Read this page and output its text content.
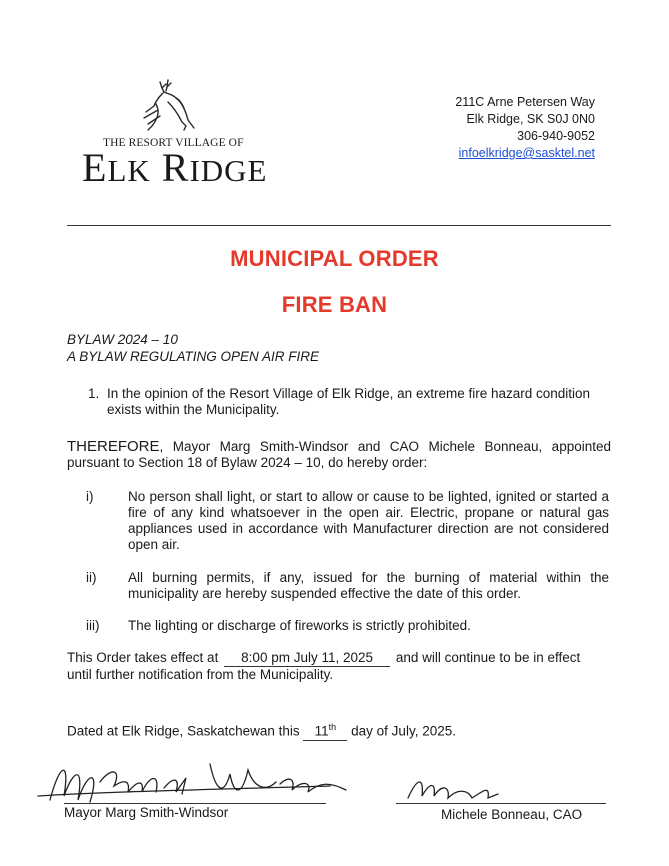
THE RESORT VILLAGE OF
ELK RIDGE
211C Arne Petersen Way
Elk Ridge, SK S0J 0N0
306-940-9052
infoelkridge@sasktel.net
MUNICIPAL ORDER
FIRE BAN
BYLAW 2024 – 10
A BYLAW REGULATING OPEN AIR FIRE
1. In the opinion of the Resort Village of Elk Ridge, an extreme fire hazard condition exists within the Municipality.
THEREFORE, Mayor Marg Smith-Windsor and CAO Michele Bonneau, appointed pursuant to Section 18 of Bylaw 2024 – 10, do hereby order:
i)	No person shall light, or start to allow or cause to be lighted, ignited or started a fire of any kind whatsoever in the open air. Electric, propane or natural gas appliances used in accordance with Manufacturer direction are not considered open air.
ii) All burning permits, if any, issued for the burning of material within the municipality are hereby suspended effective the date of this order.
iii) The lighting or discharge of fireworks is strictly prohibited.
This Order takes effect at 8:00 pm July 11, 2025 and will continue to be in effect
until further notification from the Municipality.
Dated at Elk Ridge, Saskatchewan this 11th day of July, 2025.
Mayor Marg Smith-Windsor	Michele Bonneau, CAO
